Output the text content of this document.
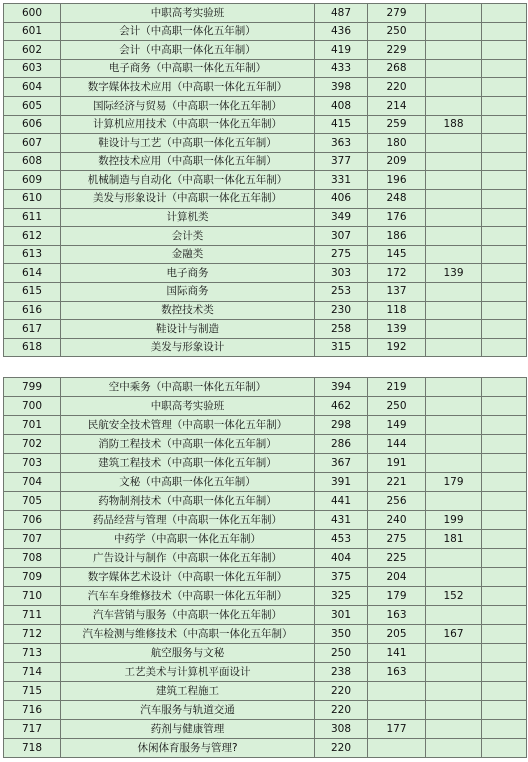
600	中职高考实验班	487	279		
601	会计（中高职一体化五年制）	436	250		
602	会计（中高职一体化五年制）	419	229		
603	电子商务（中高职一体化五年制）	433	268		
604	数字媒体技术应用（中高职一体化五年制）	398	220		
605	国际经济与贸易（中高职一体化五年制）	408	214		
606	计算机应用技术（中高职一体化五年制）	415	259	188	
607	鞋设计与工艺（中高职一体化五年制）	363	180		
608	数控技术应用（中高职一体化五年制）	377	209		
609	机械制造与自动化（中高职一体化五年制）	331	196		
610	美发与形象设计（中高职一体化五年制）	406	248		
611	计算机类	349	176		
612	会计类	307	186		
613	金融类	275	145		
614	电子商务	303	172	139	
615	国际商务	253	137		
616	数控技术类	230	118		
617	鞋设计与制造	258	139		
618	美发与形象设计	315	192		
799	空中乘务（中高职一体化五年制）	394	219		
700	中职高考实验班	462	250		
701	民航安全技术管理（中高职一体化五年制）	298	149		
702	消防工程技术（中高职一体化五年制）	286	144		
703	建筑工程技术（中高职一体化五年制）	367	191		
704	文秘（中高职一体化五年制）	391	221	179	
705	药物制剂技术（中高职一体化五年制）	441	256		
706	药品经营与管理（中高职一体化五年制）	431	240	199	
707	中药学（中高职一体化五年制）	453	275	181	
708	广告设计与制作（中高职一体化五年制）	404	225		
709	数字媒体艺术设计（中高职一体化五年制）	375	204		
710	汽车车身维修技术（中高职一体化五年制）	325	179	152	
711	汽车营销与服务（中高职一体化五年制）	301	163		
712	汽车检测与维修技术（中高职一体化五年制）	350	205	167	
713	航空服务与文秘	250	141		
714	工艺美术与计算机平面设计	238	163		
715	建筑工程施工	220			
716	汽车服务与轨道交通	220			
717	药剂与健康管理	308	177		
718	休闲体育服务与管理?	220			
